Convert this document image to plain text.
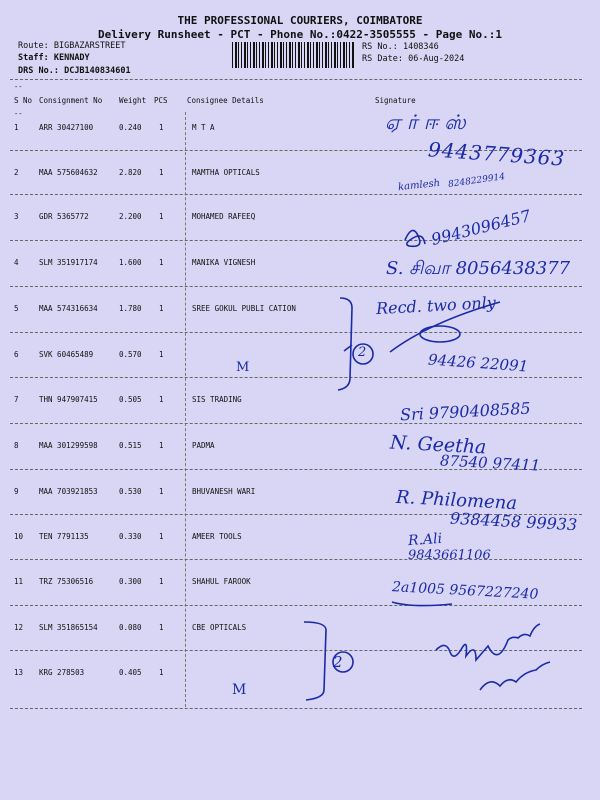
THE PROFESSIONAL COURIERS, COIMBATORE
Delivery Runsheet - PCT - Phone No.:0422-3505555 - Page No.:1
Route: BIGBAZARSTREET
Staff: KENNADY
DRS No.: DCJB140834601
RS No.: 1408346
RS Date: 06-Aug-2024
--
S No Consignment No Weight PCS	Consignee Details	Signature
--
1	ARR 30427100	0.240 1	M T A
2	MAA 575604632	2.820 1	MAMTHA OPTICALS
3	GDR 5365772	2.200 1	MOHAMED RAFEEQ
4	SLM 351917174	1.600 1	MANIKA VIGNESH
5	MAA 574316634	1.780 1	SREE GOKUL PUBLI CATION
6	SVK 60465489	0.570 1
7	THN 947907415	0.505 1	SIS TRADING
8	MAA 301299598	0.515 1	PADMA
9	MAA 703921853	0.530 1	BHUVANESH WARI
10 TEN 7791135	0.330 1	AMEER TOOLS
11 TRZ 75306516	0.300 1	SHAHUL FAROOK
12 SLM 351865154	0.080 1	CBE OPTICALS
13 KRG 278503	0.405 1
ஏ ர் ஈ ஸ்
9443779363
kamlesh 8248229914
9943096457
S. சிவா 8056438377
Recd. two only
94426 22091
2
M
Sri 9790408585
N. Geetha
87540 97411
R. Philomena
9384458 99933
R.Ali
9843661106
2a1005 9567227240
2
M
